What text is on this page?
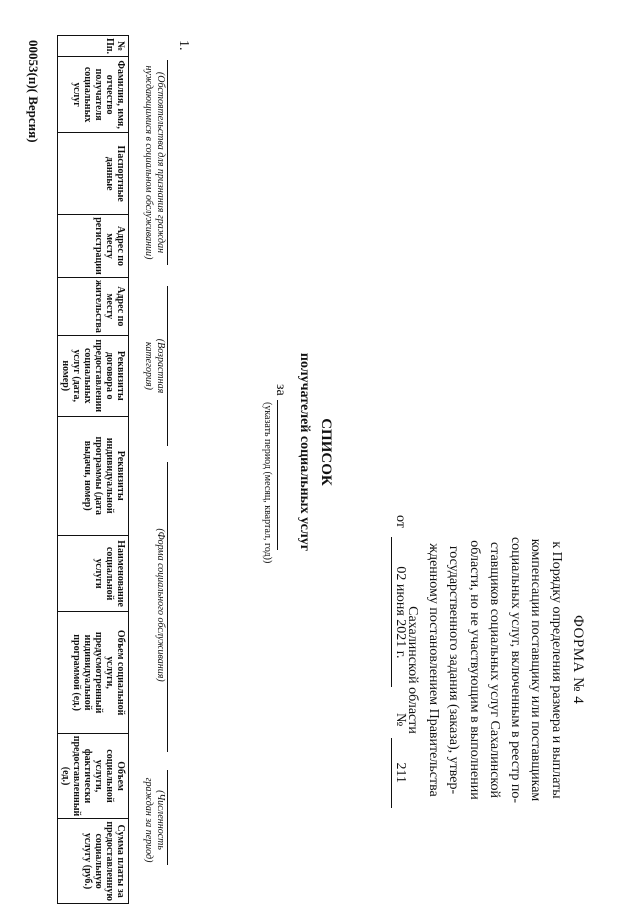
ФОРМА № 4
к Порядку определения размера и выплаты
компенсации поставщику или поставщикам
социальных услуг, включенным в реестр по-
ставщиков социальных услуг Сахалинской
области, но не участвующим в выполнении
государственного задания (заказа), утвер-
жденному постановлением Правительства
Сахалинской области
от 02 июня 2021 г. № 211
СПИСОК
получателей социальных услуг
за
(указать период (месяц, квартал, год))
1.
(Обстоятельства для признания граждан нуждающимися в социальном обслуживании)
(Возрастная категория)
(Форма социального обслуживания)
(Численность граждан за период)
№ Пп.	Фамилия, имя, отчество получателя социальных услуг	Паспортные данные	Адрес по месту регистрации	Адрес по месту жительства	Реквизиты договора о предоставлении социальных услуг (дата, номер)	Реквизиты индивидуальной программы (дата выдачи, номер)	Наименование социальной услуги	Объем социальной услуги, предусмотренный индивидуальной программой (ед.)	Объем социальной услуги, фактически предоставленный (ед.)	Сумма платы за предоставленную социальную услугу (руб.)
00053(п)( Версия)
